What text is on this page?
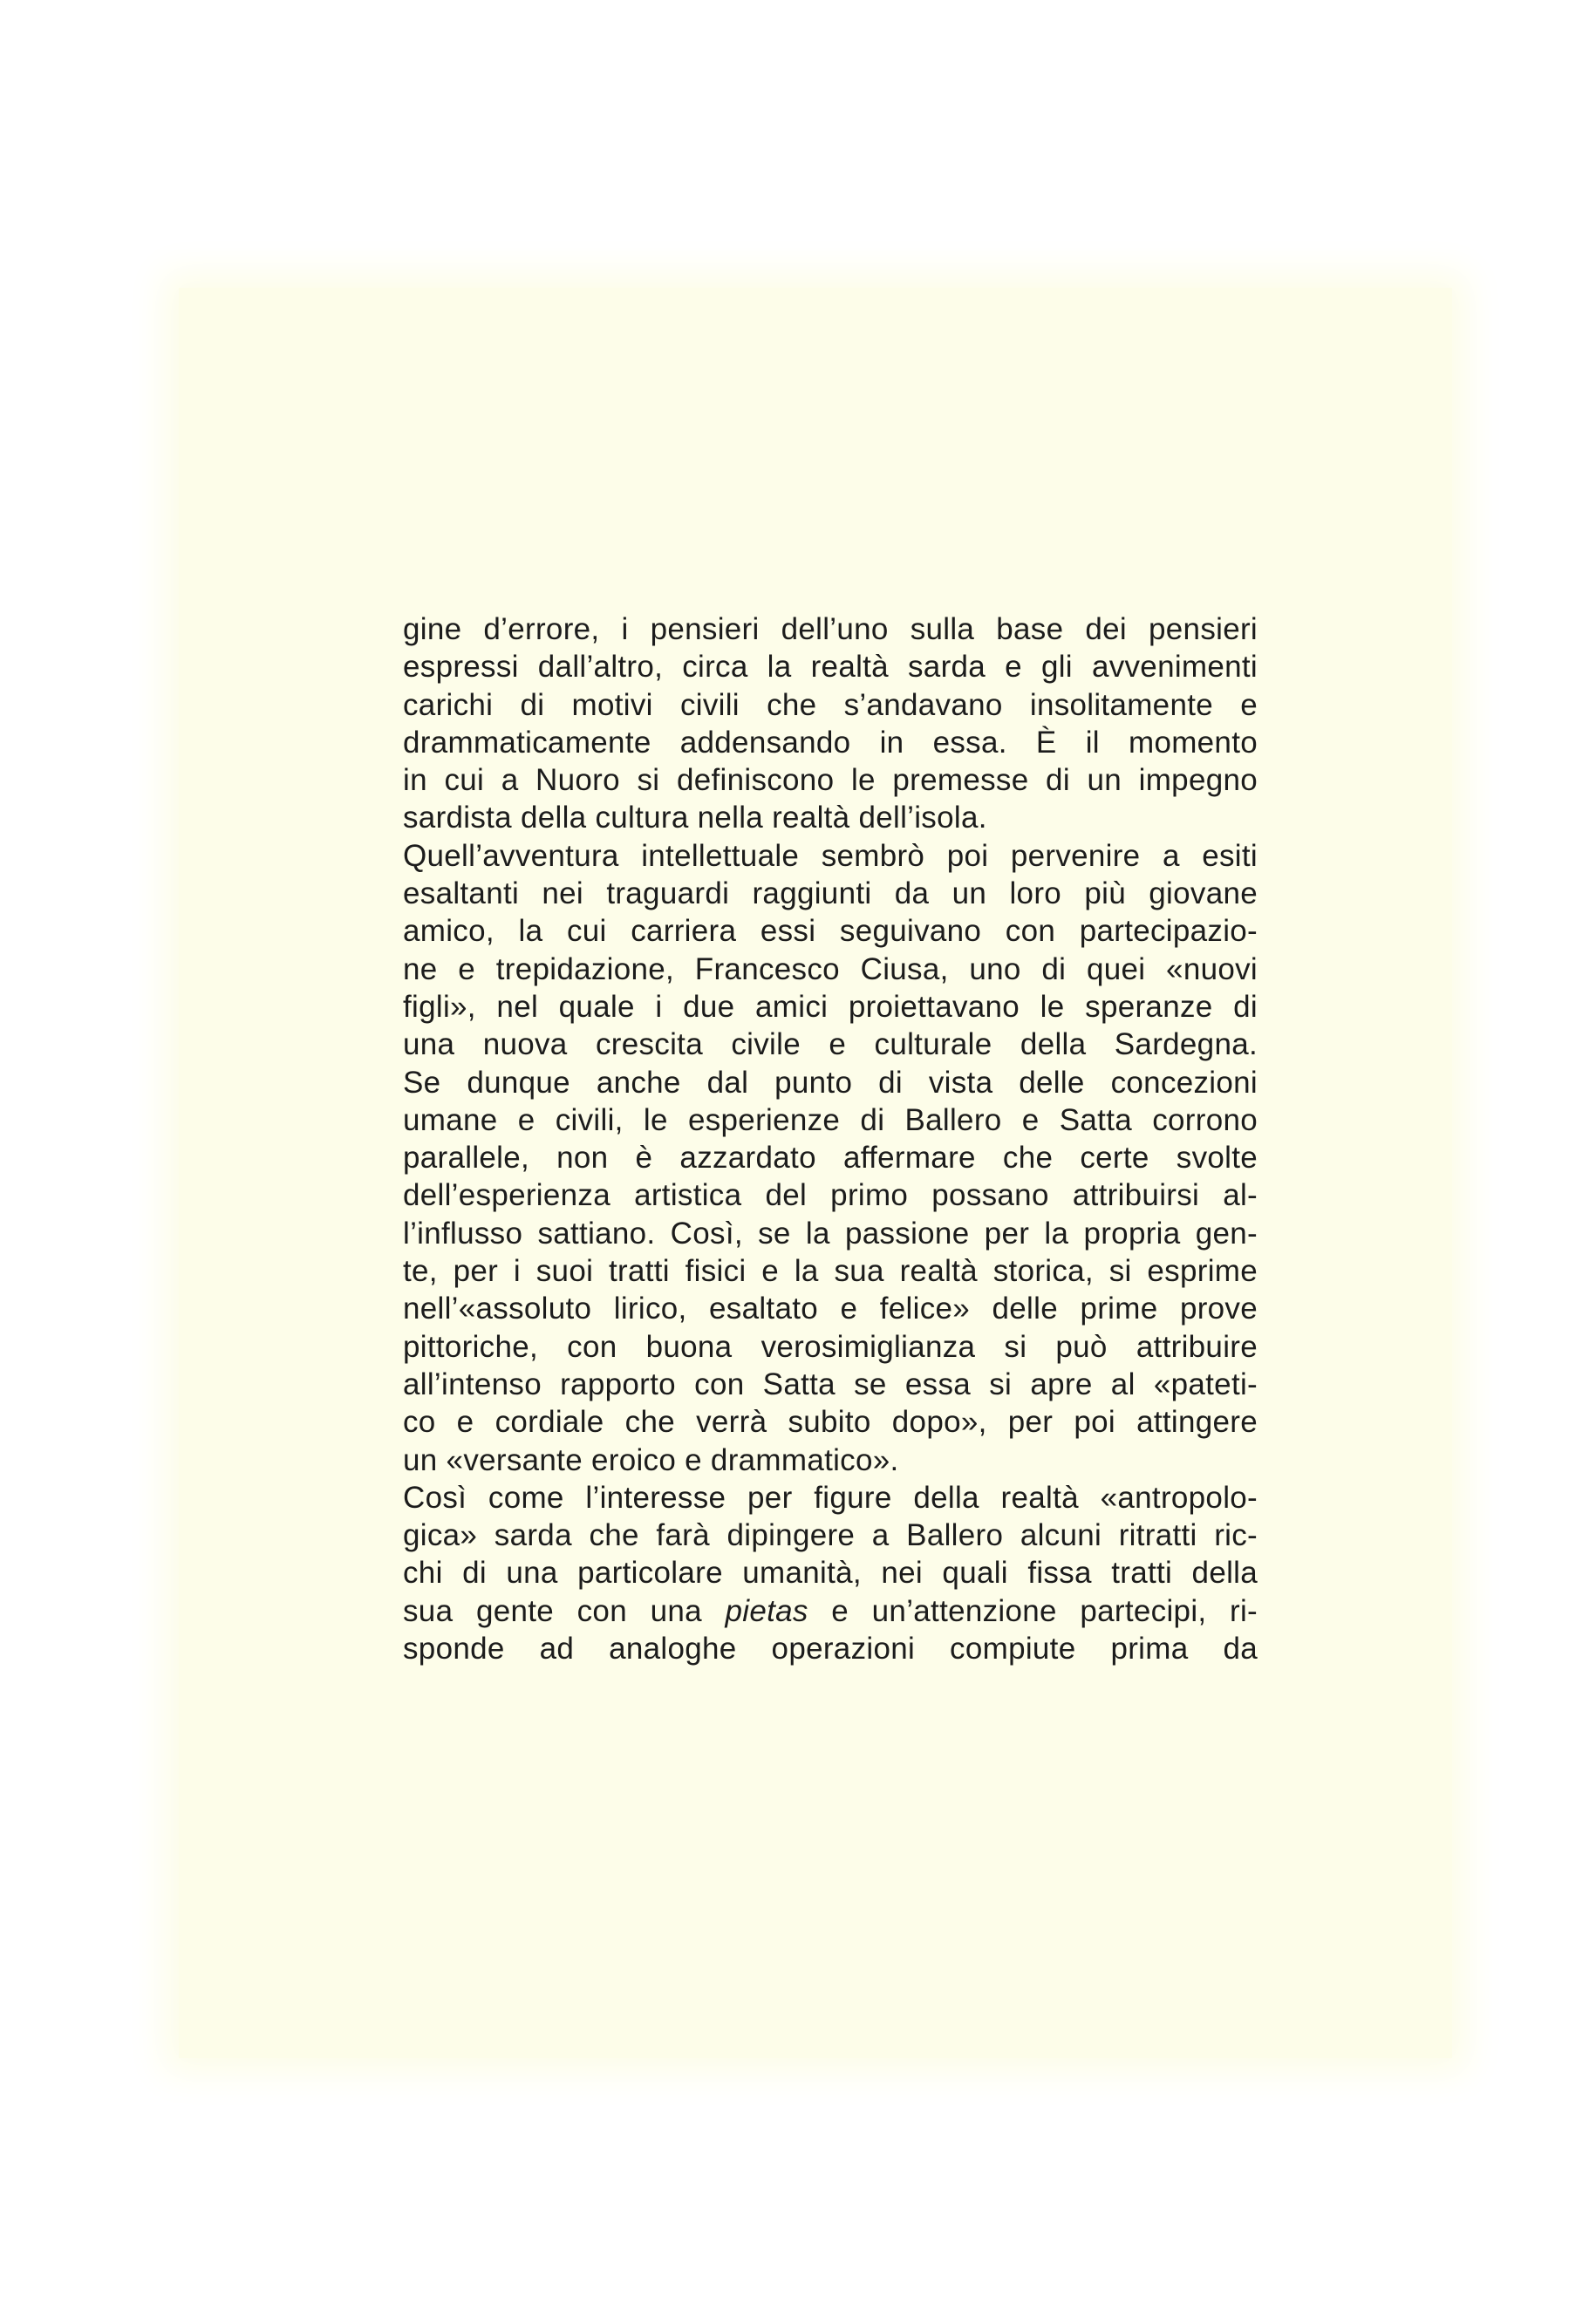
gine d’errore, i pensieri dell’uno sulla base dei pensieri
espressi dall’altro, circa la realtà sarda e gli avvenimenti
carichi di motivi civili che s’andavano insolitamente e
drammaticamente addensando in essa. È il momento
in cui a Nuoro si definiscono le premesse di un impegno
sardista della cultura nella realtà dell’isola.
Quell’avventura intellettuale sembrò poi pervenire a esiti
esaltanti nei traguardi raggiunti da un loro più giovane
amico, la cui carriera essi seguivano con partecipazio-
ne e trepidazione, Francesco Ciusa, uno di quei «nuovi
figli», nel quale i due amici proiettavano le speranze di
una nuova crescita civile e culturale della Sardegna.
Se dunque anche dal punto di vista delle concezioni
umane e civili, le esperienze di Ballero e Satta corrono
parallele, non è azzardato affermare che certe svolte
dell’esperienza artistica del primo possano attribuirsi al-
l’influsso sattiano. Così, se la passione per la propria gen-
te, per i suoi tratti fisici e la sua realtà storica, si esprime
nell’«assoluto lirico, esaltato e felice» delle prime prove
pittoriche, con buona verosimiglianza si può attribuire
all’intenso rapporto con Satta se essa si apre al «pateti-
co e cordiale che verrà subito dopo», per poi attingere
un «versante eroico e drammatico».
Così come l’interesse per figure della realtà «antropolo-
gica» sarda che farà dipingere a Ballero alcuni ritratti ric-
chi di una particolare umanità, nei quali fissa tratti della
sua gente con una pietas e un’attenzione partecipi, ri-
sponde ad analoghe operazioni compiute prima da
